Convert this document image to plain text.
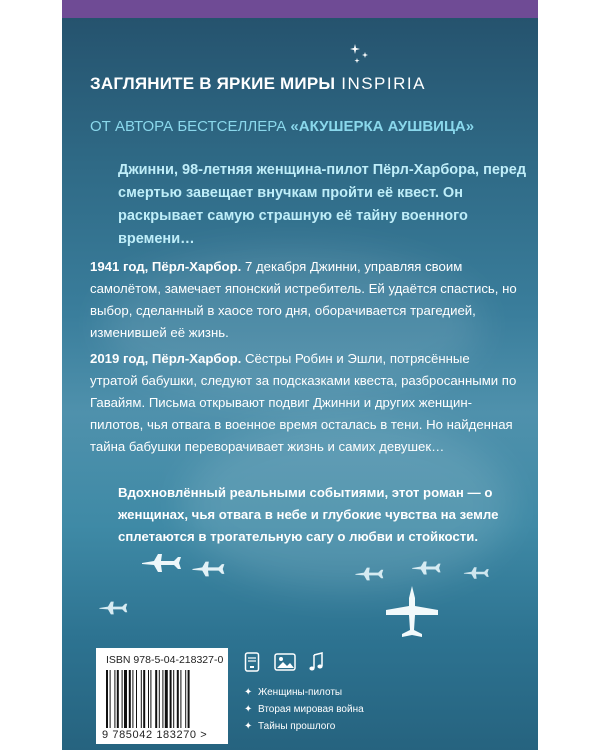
ЗАГЛЯНИТЕ В ЯРКИЕ МИРЫ INSPIRIA
ОТ АВТОРА БЕСТСЕЛЛЕРА «АКУШЕРКА АУШВИЦА»
Джинни, 98-летняя женщина-пилот Пёрл-Харбора, перед смертью завещает внучкам пройти её квест. Он раскрывает самую страшную её тайну военного времени…
1941 год, Пёрл-Харбор. 7 декабря Джинни, управляя своим самолётом, замечает японский истребитель. Ей удаётся спастись, но выбор, сделанный в хаосе того дня, оборачивается трагедией, изменившей её жизнь.
2019 год, Пёрл-Харбор. Сёстры Робин и Эшли, потрясённые утратой бабушки, следуют за подсказками квеста, разбросанными по Гавайям. Письма открывают подвиг Джинни и других женщин-пилотов, чья отвага в военное время осталась в тени. Но найденная тайна бабушки переворачивает жизнь и самих девушек…
Вдохновлённый реальными событиями, этот роман — о женщинах, чья отвага в небе и глубокие чувства на земле сплетаются в трогательную сагу о любви и стойкости.
ISBN 978-5-04-218327-0
9 785042 183270 >
✦ Женщины-пилоты
✦ Вторая мировая война
✦ Тайны прошлого
